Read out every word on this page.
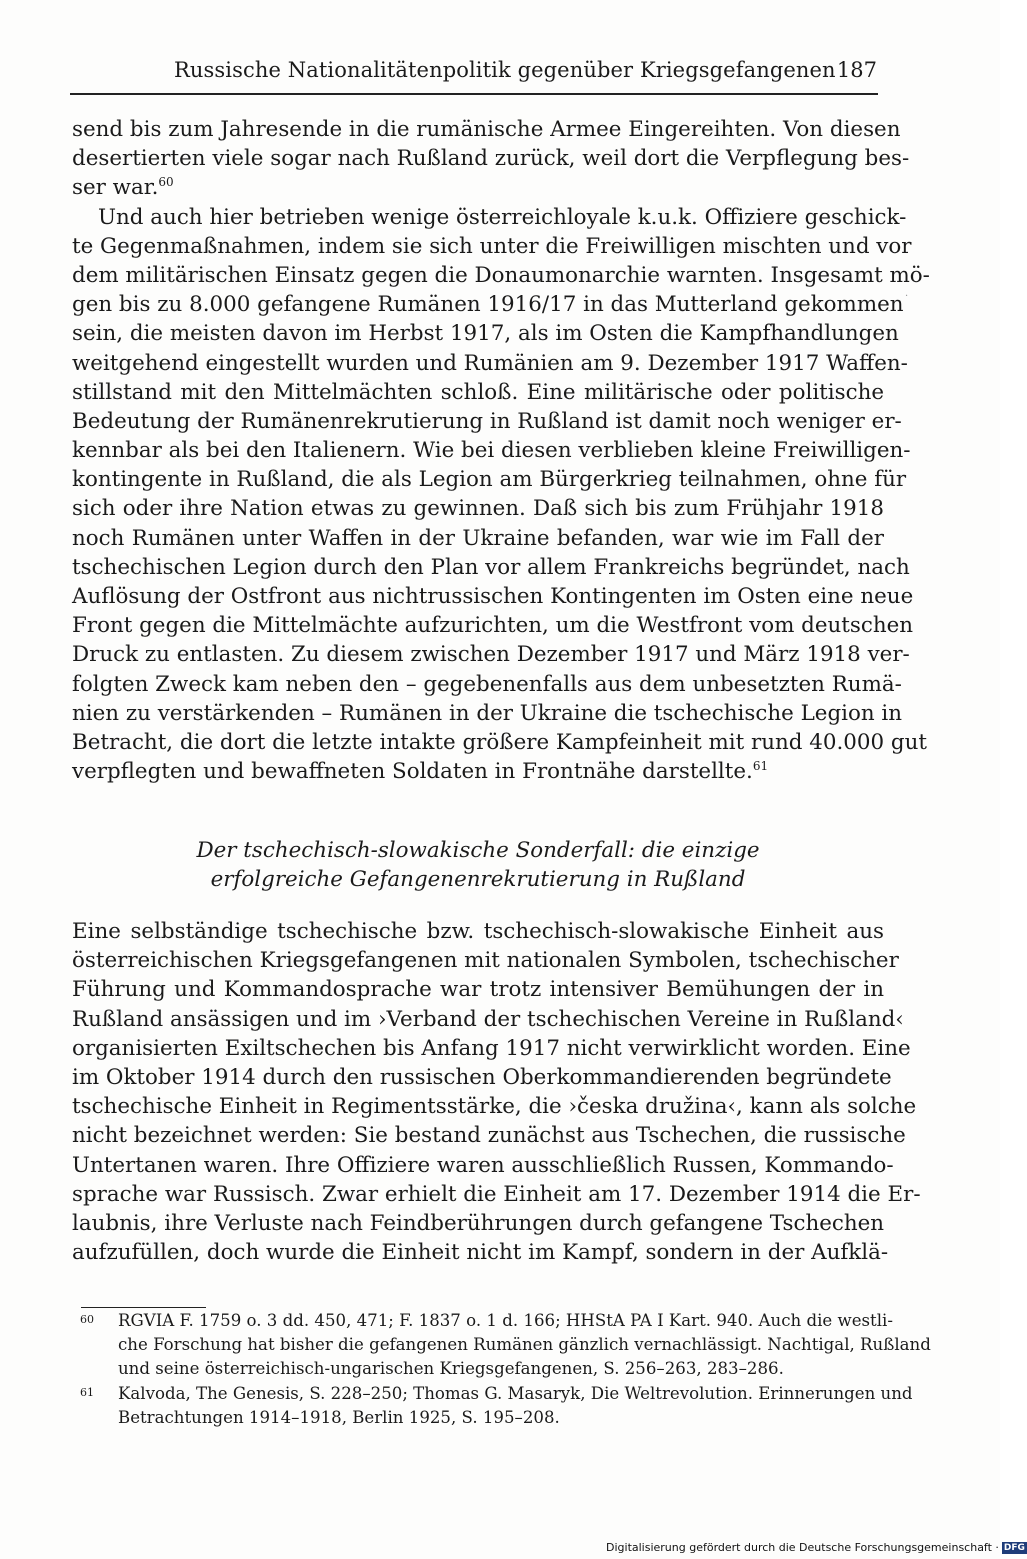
Russische Nationalitätenpolitik gegenüber Kriegsgefangenen 187
send bis zum Jahresende in die rumänische Armee Eingereihten. Von diesen
desertierten viele sogar nach Rußland zurück, weil dort die Verpflegung bes-
ser war.$^{60}$
Und auch hier betrieben wenige österreichloyale k.u.k. Offiziere geschick-
te Gegenmaßnahmen, indem sie sich unter die Freiwilligen mischten und vor
dem militärischen Einsatz gegen die Donaumonarchie warnten. Insgesamt mö-
gen bis zu 8.000 gefangene Rumänen 1916/17 in das Mutterland gekommen
sein, die meisten davon im Herbst 1917, als im Osten die Kampfhandlungen
weitgehend eingestellt wurden und Rumänien am 9. Dezember 1917 Waffen-
stillstand mit den Mittelmächten schloß. Eine militärische oder politische
Bedeutung der Rumänenrekrutierung in Rußland ist damit noch weniger er-
kennbar als bei den Italienern. Wie bei diesen verblieben kleine Freiwilligen-
kontingente in Rußland, die als Legion am Bürgerkrieg teilnahmen, ohne für
sich oder ihre Nation etwas zu gewinnen. Daß sich bis zum Frühjahr 1918
noch Rumänen unter Waffen in der Ukraine befanden, war wie im Fall der
tschechischen Legion durch den Plan vor allem Frankreichs begründet, nach
Auflösung der Ostfront aus nichtrussischen Kontingenten im Osten eine neue
Front gegen die Mittelmächte aufzurichten, um die Westfront vom deutschen
Druck zu entlasten. Zu diesem zwischen Dezember 1917 und März 1918 ver-
folgten Zweck kam neben den – gegebenenfalls aus dem unbesetzten Rumä-
nien zu verstärkenden – Rumänen in der Ukraine die tschechische Legion in
Betracht, die dort die letzte intakte größere Kampfeinheit mit rund 40.000 gut
verpflegten und bewaffneten Soldaten in Frontnähe darstellte.$^{61}$
Der tschechisch-slowakische Sonderfall: die einzige
erfolgreiche Gefangenenrekrutierung in Rußland
Eine selbständige tschechische bzw. tschechisch-slowakische Einheit aus
österreichischen Kriegsgefangenen mit nationalen Symbolen, tschechischer
Führung und Kommandosprache war trotz intensiver Bemühungen der in
Rußland ansässigen und im ›Verband der tschechischen Vereine in Rußland‹
organisierten Exiltschechen bis Anfang 1917 nicht verwirklicht worden. Eine
im Oktober 1914 durch den russischen Oberkommandierenden begründete
tschechische Einheit in Regimentsstärke, die ›česka družina‹, kann als solche
nicht bezeichnet werden: Sie bestand zunächst aus Tschechen, die russische
Untertanen waren. Ihre Offiziere waren ausschließlich Russen, Kommando-
sprache war Russisch. Zwar erhielt die Einheit am 17. Dezember 1914 die Er-
laubnis, ihre Verluste nach Feindberührungen durch gefangene Tschechen
aufzufüllen, doch wurde die Einheit nicht im Kampf, sondern in der Aufklä-
60 RGVIA F. 1759 o. 3 dd. 450, 471; F. 1837 o. 1 d. 166; HHStA PA I Kart. 940. Auch die westli-
che Forschung hat bisher die gefangenen Rumänen gänzlich vernachlässigt. Nachtigal, Rußland
und seine österreichisch-ungarischen Kriegsgefangenen, S. 256–263, 283–286.
61 Kalvoda, The Genesis, S. 228–250; Thomas G. Masaryk, Die Weltrevolution. Erinnerungen und
Betrachtungen 1914–1918, Berlin 1925, S. 195–208.
·
Digitalisierung gefördert durch die Deutsche Forschungsgemeinschaft · DFG
